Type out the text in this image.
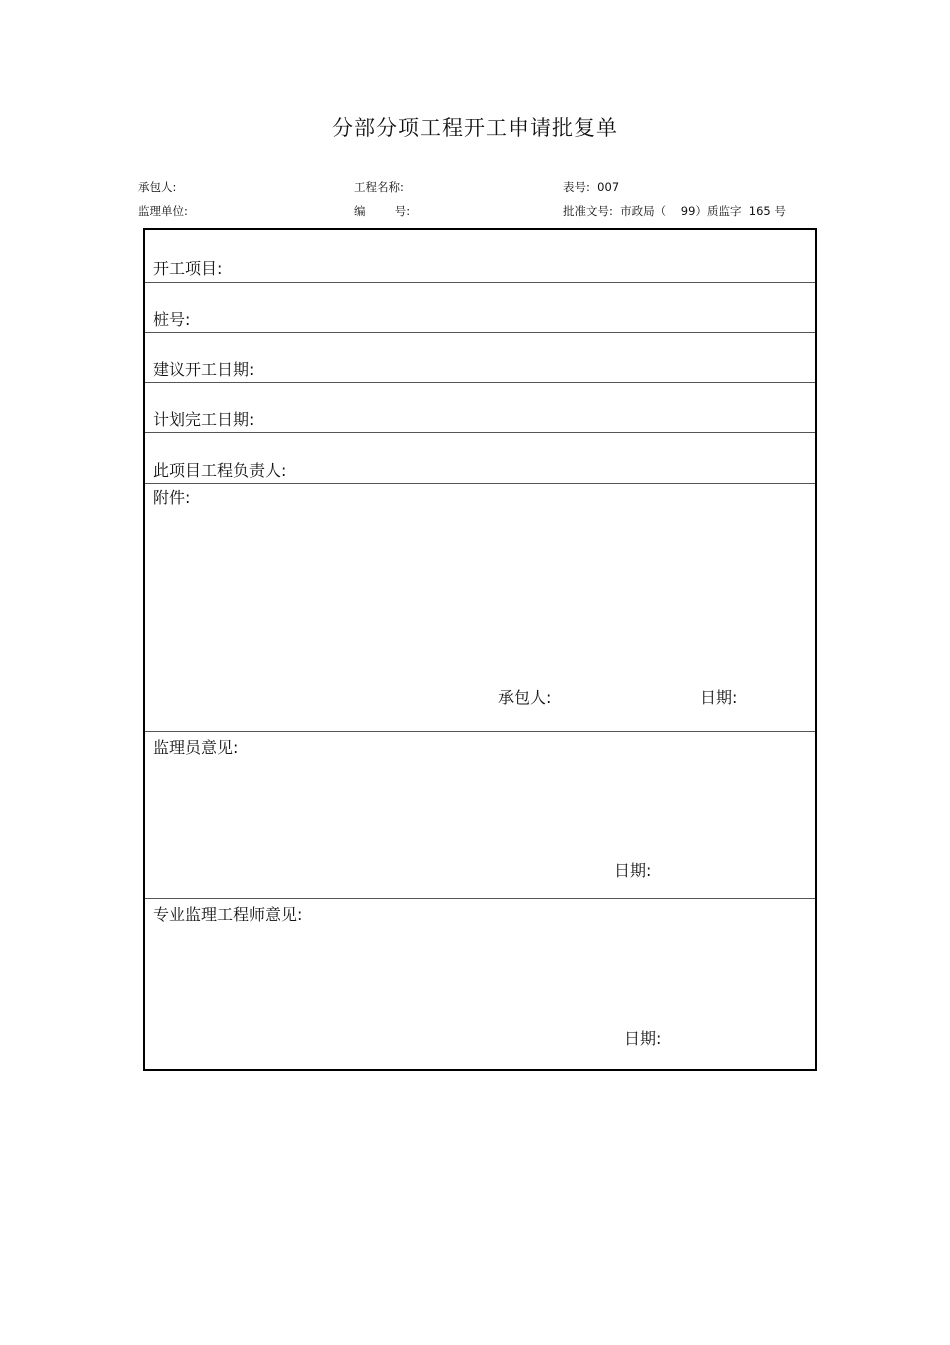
分部分项工程开工申请批复单
承包人:	工程名称:	表号:  007
监理单位:	编        号:	批准文号:  市政局（    99）质监字  165 号
开工项目:
桩号:
建议开工日期:
计划完工日期:
此项目工程负责人:
附件:
承包人:	日期:
监理员意见:
日期:
专业监理工程师意见:
日期:
